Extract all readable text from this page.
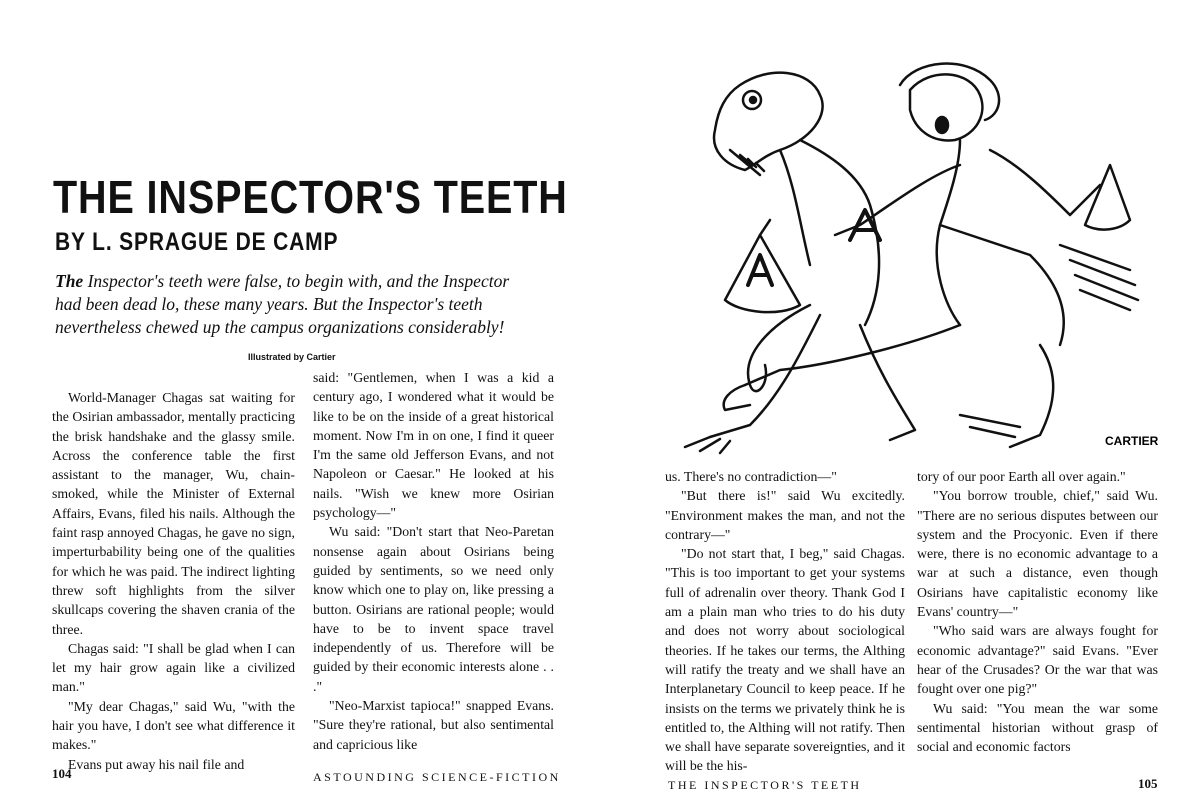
THE INSPECTOR'S TEETH
BY L. SPRAGUE DE CAMP
The Inspector's teeth were false, to begin with, and the Inspector had been dead lo, these many years. But the Inspector's teeth nevertheless chewed up the campus organizations considerably!
Illustrated by Cartier

World-Manager Chagas sat waiting for the Osirian ambassador, mentally practicing the brisk handshake and the glassy smile. Across the conference table the first assistant to the manager, Wu, chain-smoked, while the Minister of External Affairs, Evans, filed his nails. Although the faint rasp annoyed Chagas, he gave no sign, imperturbability being one of the qualities for which he was paid. The indirect lighting threw soft highlights from the silver skullcaps covering the shaven crania of the three.

Chagas said: "I shall be glad when I can let my hair grow again like a civilized man."

"My dear Chagas," said Wu, "with the hair you have, I don't see what difference it makes."

Evans put away his nail file and

said: "Gentlemen, when I was a kid a century ago, I wondered what it would be like to be on the inside of a great historical moment. Now I'm in on one, I find it queer I'm the same old Jefferson Evans, and not Napoleon or Caesar." He looked at his nails. "Wish we knew more Osirian psychology—"

Wu said: "Don't start that Neo-Paretan nonsense again about Osirians being guided by sentiments, so we need only know which one to play on, like pressing a button. Osirians are rational people; would have to be to invent space travel independently of us. Therefore will be guided by their economic interests alone . . ."

"Neo-Marxist tapioca!" snapped Evans. "Sure they're rational, but also sentimental and capricious like

104	ASTOUNDING SCIENCE-FICTION
CARTIER

us. There's no contradiction—"

"But there is!" said Wu excitedly. "Environment makes the man, and not the contrary—"

"Do not start that, I beg," said Chagas. "This is too important to get your systems full of adrenalin over theory. Thank God I am a plain man who tries to do his duty and does not worry about sociological theories. If he takes our terms, the Althing will ratify the treaty and we shall have an Interplanetary Council to keep peace. If he insists on the terms we privately think he is entitled to, the Althing will not ratify. Then we shall have separate sovereignties, and it will be the his-

tory of our poor Earth all over again."

"You borrow trouble, chief," said Wu. "There are no serious disputes between our system and the Procyonic. Even if there were, there is no economic advantage to a war at such a distance, even though Osirians have capitalistic economy like Evans' country—"

"Who said wars are always fought for economic advantage?" said Evans. "Ever hear of the Crusades? Or the war that was fought over one pig?"

Wu said: "You mean the war some sentimental historian without grasp of social and economic factors

THE INSPECTOR'S TEETH	105
